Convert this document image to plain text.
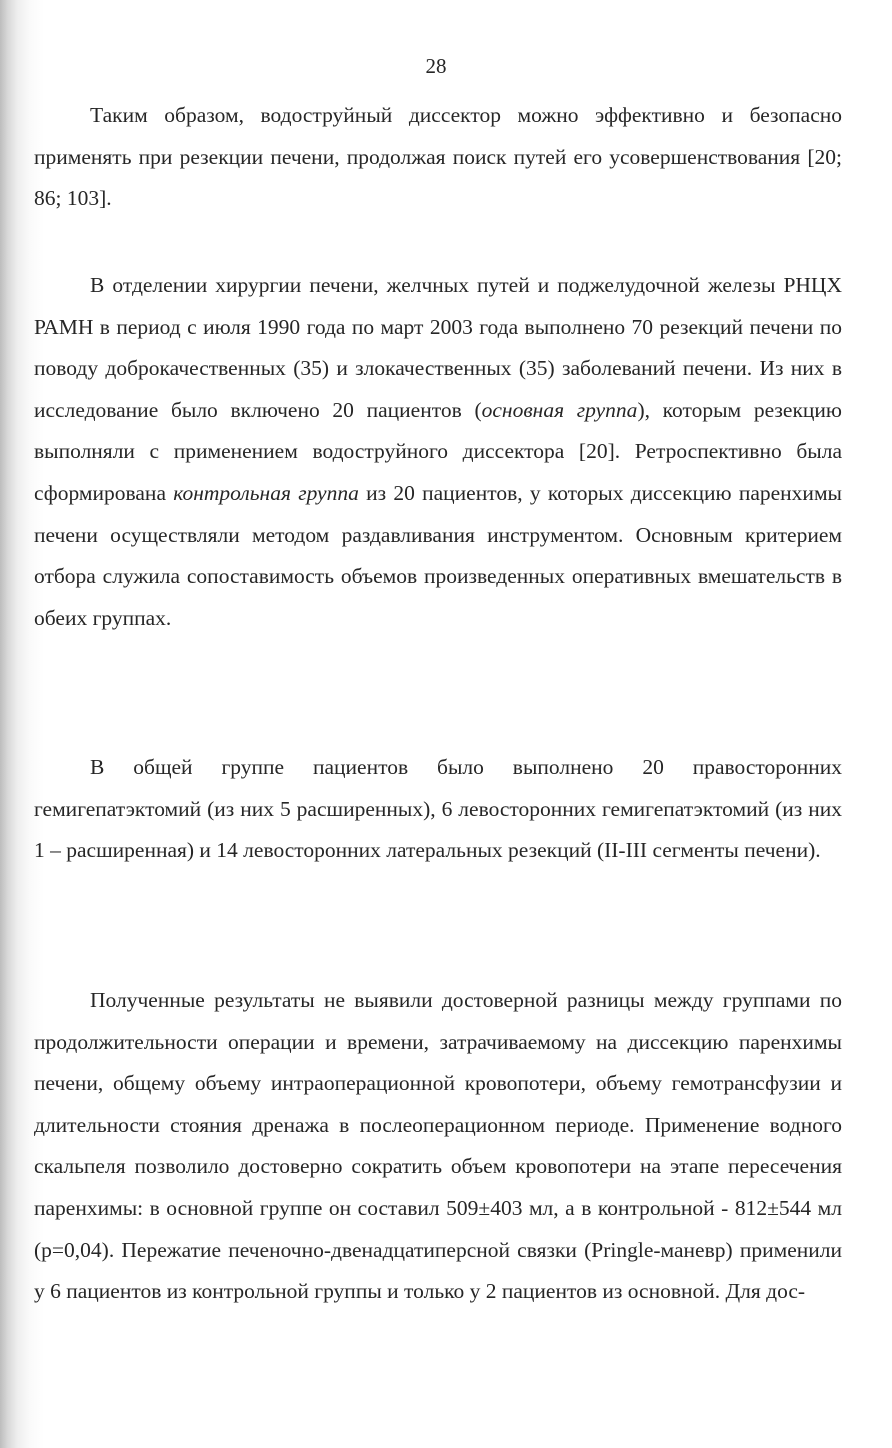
28

Таким образом, водоструйный диссектор можно эффективно и безопасно применять при резекции печени, продолжая поиск путей его усовершенствования [20; 86; 103].

В отделении хирургии печени, желчных путей и поджелудочной железы РНЦХ РАМН в период с июля 1990 года по март 2003 года выполнено 70 резекций печени по поводу доброкачественных (35) и злокачественных (35) заболеваний печени. Из них в исследование было включено 20 пациентов (основная группа), которым резекцию выполняли с применением водоструйного диссектора [20]. Ретроспективно была сформирована контрольная группа из 20 пациентов, у которых диссекцию паренхимы печени осуществляли методом раздавливания инструментом. Основным критерием отбора служила сопоставимость объемов произведенных оперативных вмешательств в обеих группах.

В общей группе пациентов было выполнено 20 правосторонних гемигепатэктомий (из них 5 расширенных), 6 левосторонних гемигепатэктомий (из них 1 – расширенная) и 14 левосторонних латеральных резекций (II-III сегменты печени).

Полученные результаты не выявили достоверной разницы между группами по продолжительности операции и времени, затрачиваемому на диссекцию паренхимы печени, общему объему интраоперационной кровопотери, объему гемотрансфузии и длительности стояния дренажа в послеоперационном периоде. Применение водного скальпеля позволило достоверно сократить объем кровопотери на этапе пересечения паренхимы: в основной группе он составил 509±403 мл, а в контрольной - 812±544 мл (р=0,04). Пережатие печеночно-двенадцатиперсной связки (Pringle-маневр) применили у 6 пациентов из контрольной группы и только у 2 пациентов из основной. Для дос-
